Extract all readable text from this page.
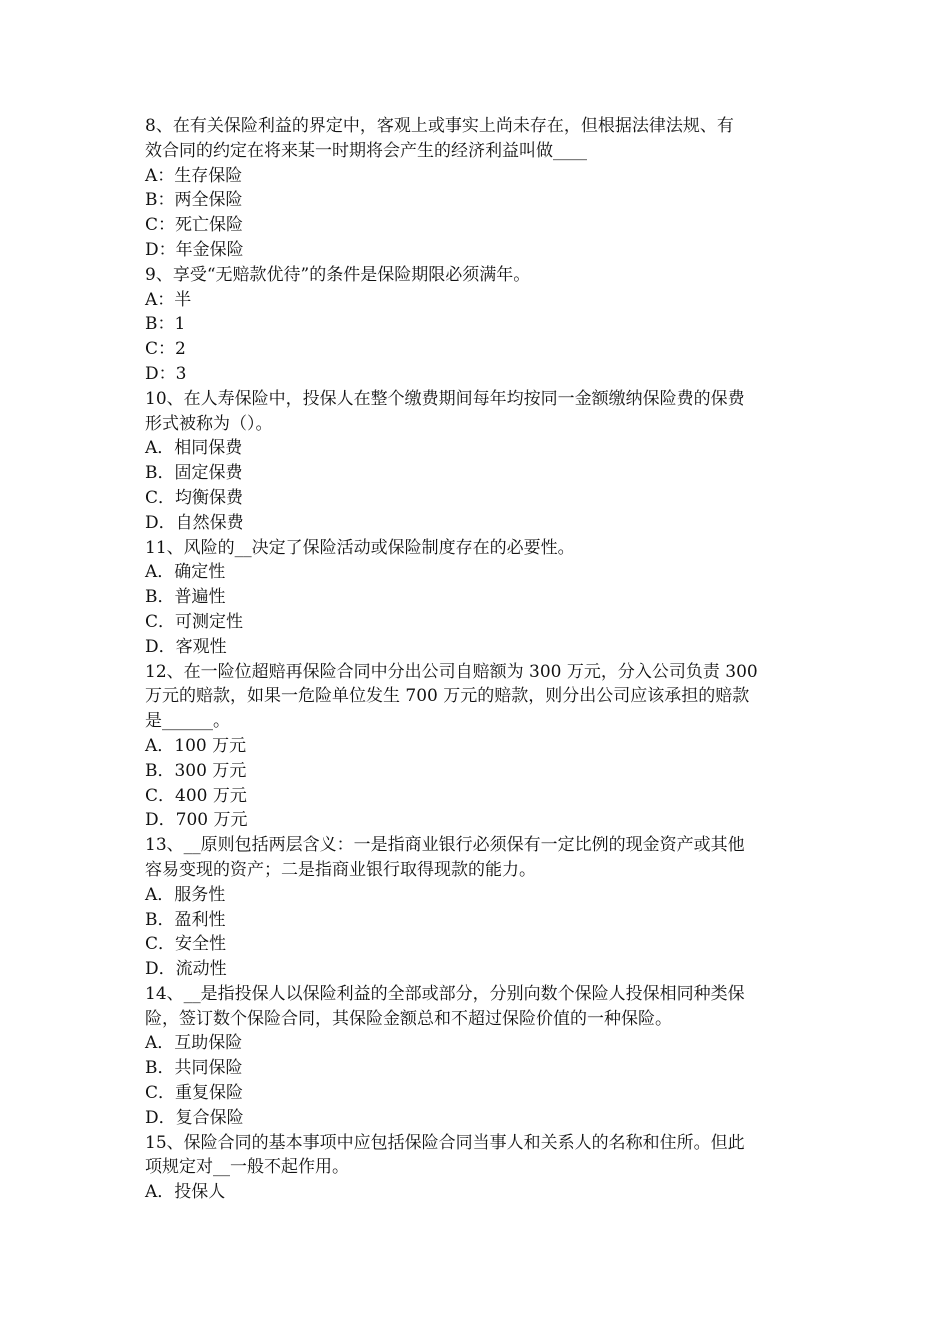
8、在有关保险利益的界定中，客观上或事实上尚未存在，但根据法律法规、有
效合同的约定在将来某一时期将会产生的经济利益叫做____
A：生存保险
B：两全保险
C：死亡保险
D：年金保险
9、享受“无赔款优待”的条件是保险期限必须满年。
A：半
B：1
C：2
D：3
10、在人寿保险中，投保人在整个缴费期间每年均按同一金额缴纳保险费的保费
形式被称为（）。
A．相同保费
B．固定保费
C．均衡保费
D．自然保费
11、风险的__决定了保险活动或保险制度存在的必要性。
A．确定性
B．普遍性
C．可测定性
D．客观性
12、在一险位超赔再保险合同中分出公司自赔额为 300 万元，分入公司负责 300
万元的赔款，如果一危险单位发生 700 万元的赔款，则分出公司应该承担的赔款
是______。
A．100 万元
B．300 万元
C．400 万元
D．700 万元
13、__原则包括两层含义：一是指商业银行必须保有一定比例的现金资产或其他
容易变现的资产；二是指商业银行取得现款的能力。
A．服务性
B．盈利性
C．安全性
D．流动性
14、__是指投保人以保险利益的全部或部分，分别向数个保险人投保相同种类保
险，签订数个保险合同，其保险金额总和不超过保险价值的一种保险。
A．互助保险
B．共同保险
C．重复保险
D．复合保险
15、保险合同的基本事项中应包括保险合同当事人和关系人的名称和住所。但此
项规定对__一般不起作用。
A．投保人
